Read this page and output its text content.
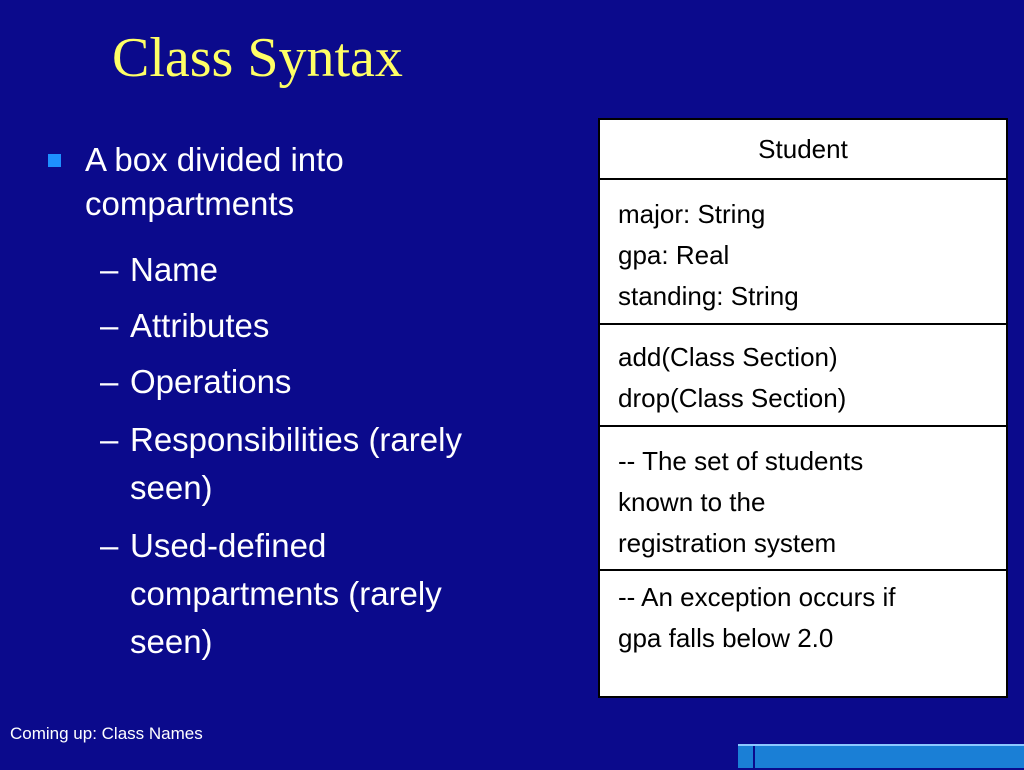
Class Syntax
A box divided into compartments
– Name
– Attributes
– Operations
– Responsibilities (rarely
seen)
– Used-defined
compartments (rarely
seen)
Student
major: String
gpa: Real
standing: String
add(Class Section)
drop(Class Section)
-- The set of students
known to the
registration system
-- An exception occurs if
gpa falls below 2.0
Coming up: Class Names
